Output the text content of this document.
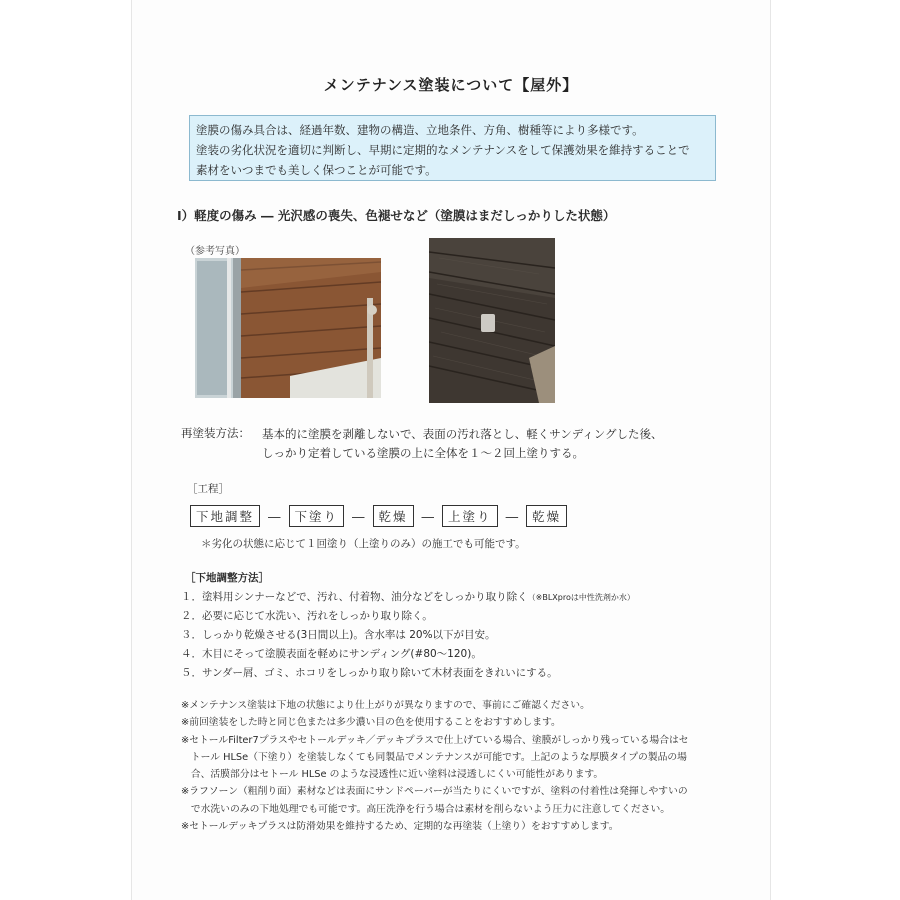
メンテナンス塗装について【屋外】
塗膜の傷み具合は、経過年数、建物の構造、立地条件、方角、樹種等により多様です。
塗装の劣化状況を適切に判断し、早期に定期的なメンテナンスをして保護効果を維持することで
素材をいつまでも美しく保つことが可能です。
Ⅰ）軽度の傷み ― 光沢感の喪失、色褪せなど（塗膜はまだしっかりした状態）
（参考写真）
再塗装方法： 基本的に塗膜を剥離しないで、表面の汚れ落とし、軽くサンディングした後、
しっかり定着している塗膜の上に全体を１～２回上塗りする。
［工程］
下地調整	―	下塗り	―	乾燥	―	上塗り	―	乾燥
＊劣化の状態に応じて１回塗り（上塗りのみ）の施工でも可能です。
［下地調整方法］
１．塗料用シンナーなどで、汚れ、付着物、油分などをしっかり取り除く（※BLXproは中性洗剤か水）
２．必要に応じて水洗い、汚れをしっかり取り除く。
３．しっかり乾燥させる(3日間以上)。含水率は 20%以下が目安。
４．木目にそって塗膜表面を軽めにサンディング(#80～120)。
５．サンダー屑、ゴミ、ホコリをしっかり取り除いて木材表面をきれいにする。
※メンテナンス塗装は下地の状態により仕上がりが異なりますので、事前にご確認ください。
※前回塗装をした時と同じ色または多少濃い目の色を使用することをおすすめします。
※セトールFilter7プラスやセトールデッキ／デッキプラスで仕上げている場合、塗膜がしっかり残っている場合はセ
　トール HLSe（下塗り）を塗装しなくても同製品でメンテナンスが可能です。上記のような厚膜タイプの製品の場
　合、活膜部分はセトール HLSe のような浸透性に近い塗料は浸透しにくい可能性があります。
※ラフソーン（粗削り面）素材などは表面にサンドペーパーが当たりにくいですが、塗料の付着性は発揮しやすいの
　で水洗いのみの下地処理でも可能です。高圧洗浄を行う場合は素材を削らないよう圧力に注意してください。
※セトールデッキプラスは防滑効果を維持するため、定期的な再塗装（上塗り）をおすすめします。
